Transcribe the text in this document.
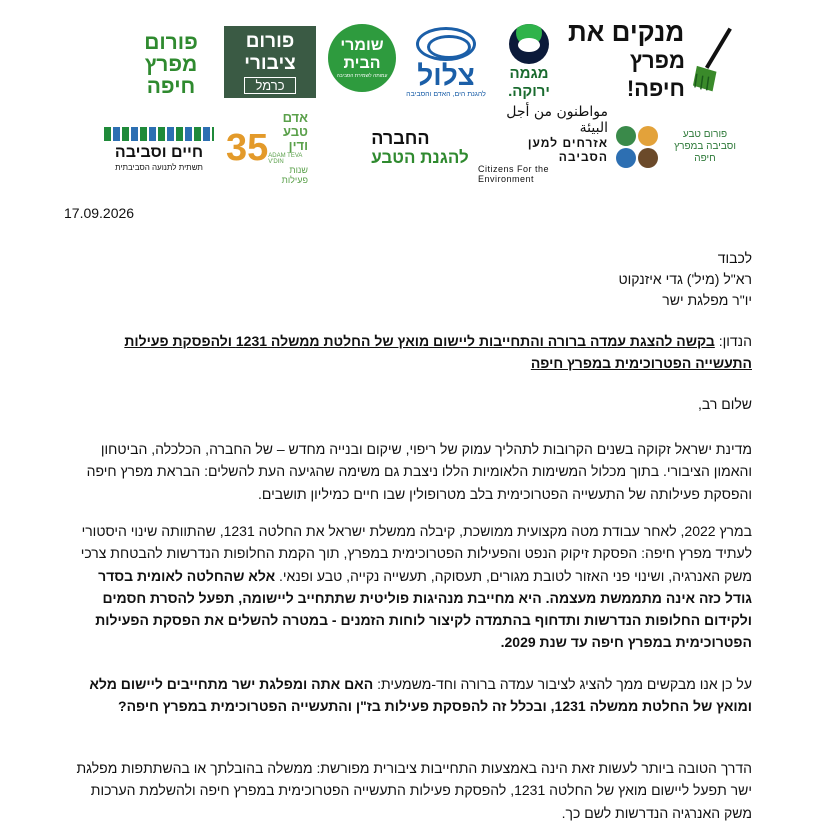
מנקים את
מפרץ חיפה!
מגמה
ירוקה.
צלול
להגנת הים, האדם והסביבה
שומרי
הבית
עמותה לשמירת הסביבה
פורום
ציבורי
כרמל
פורום
מפרץ
חיפה
פורום טבע וסביבה במפרץ חיפה
مواطنون من أجل البيئة
אזרחים למען הסביבה
Citizens For the Environment
החברה
להגנת הטבע
35
אדם טבע ודין
ADAM TEVA V'DIN
שנות פעילות
חיים וסביבה
תשתית לתנועה הסביבתית
17.09.2026
לכבוד
רא"ל (מיל') גדי איזנקוט
יו"ר מפלגת ישר
הנדון: בקשה להצגת עמדה ברורה והתחייבות ליישום מואץ של החלטת ממשלה 1231 ולהפסקת פעילות התעשייה הפטרוכימית במפרץ חיפה
שלום רב,
מדינת ישראל זקוקה בשנים הקרובות לתהליך עמוק של ריפוי, שיקום ובנייה מחדש – של החברה, הכלכלה, הביטחון והאמון הציבורי. בתוך מכלול המשימות הלאומיות הללו ניצבת גם משימה שהגיעה העת להשלים: הבראת מפרץ חיפה והפסקת פעילותה של התעשייה הפטרוכימית בלב מטרופולין שבו חיים כמיליון תושבים.
במרץ 2022, לאחר עבודת מטה מקצועית ממושכת, קיבלה ממשלת ישראל את החלטה 1231, שהתוותה שינוי היסטורי לעתיד מפרץ חיפה: הפסקת זיקוק הנפט והפעילות הפטרוכימית במפרץ, תוך הקמת החלופות הנדרשות להבטחת צרכי משק האנרגיה, ושינוי פני האזור לטובת מגורים, תעסוקה, תעשייה נקייה, טבע ופנאי. אלא שהחלטה לאומית בסדר גודל כזה אינה מתממשת מעצמה. היא מחייבת מנהיגות פוליטית שתתחייב ליישומה, תפעל להסרת חסמים ולקידום החלופות הנדרשות ותדחוף בהתמדה לקיצור לוחות הזמנים - במטרה להשלים את הפסקת הפעילות הפטרוכימית במפרץ חיפה עד שנת 2029.
על כן אנו מבקשים ממך להציג לציבור עמדה ברורה וחד-משמעית: האם אתה ומפלגת ישר מתחייבים ליישום מלא ומואץ של החלטת ממשלה 1231, ובכלל זה להפסקת פעילות בז"ן והתעשייה הפטרוכימית במפרץ חיפה?
הדרך הטובה ביותר לעשות זאת הינה באמצעות התחייבות ציבורית מפורשת: ממשלה בהובלתך או בהשתתפות מפלגת ישר תפעל ליישום מואץ של החלטה 1231, להפסקת פעילות התעשייה הפטרוכימית במפרץ חיפה ולהשלמת הערכות משק האנרגיה הנדרשות לשם כך.
